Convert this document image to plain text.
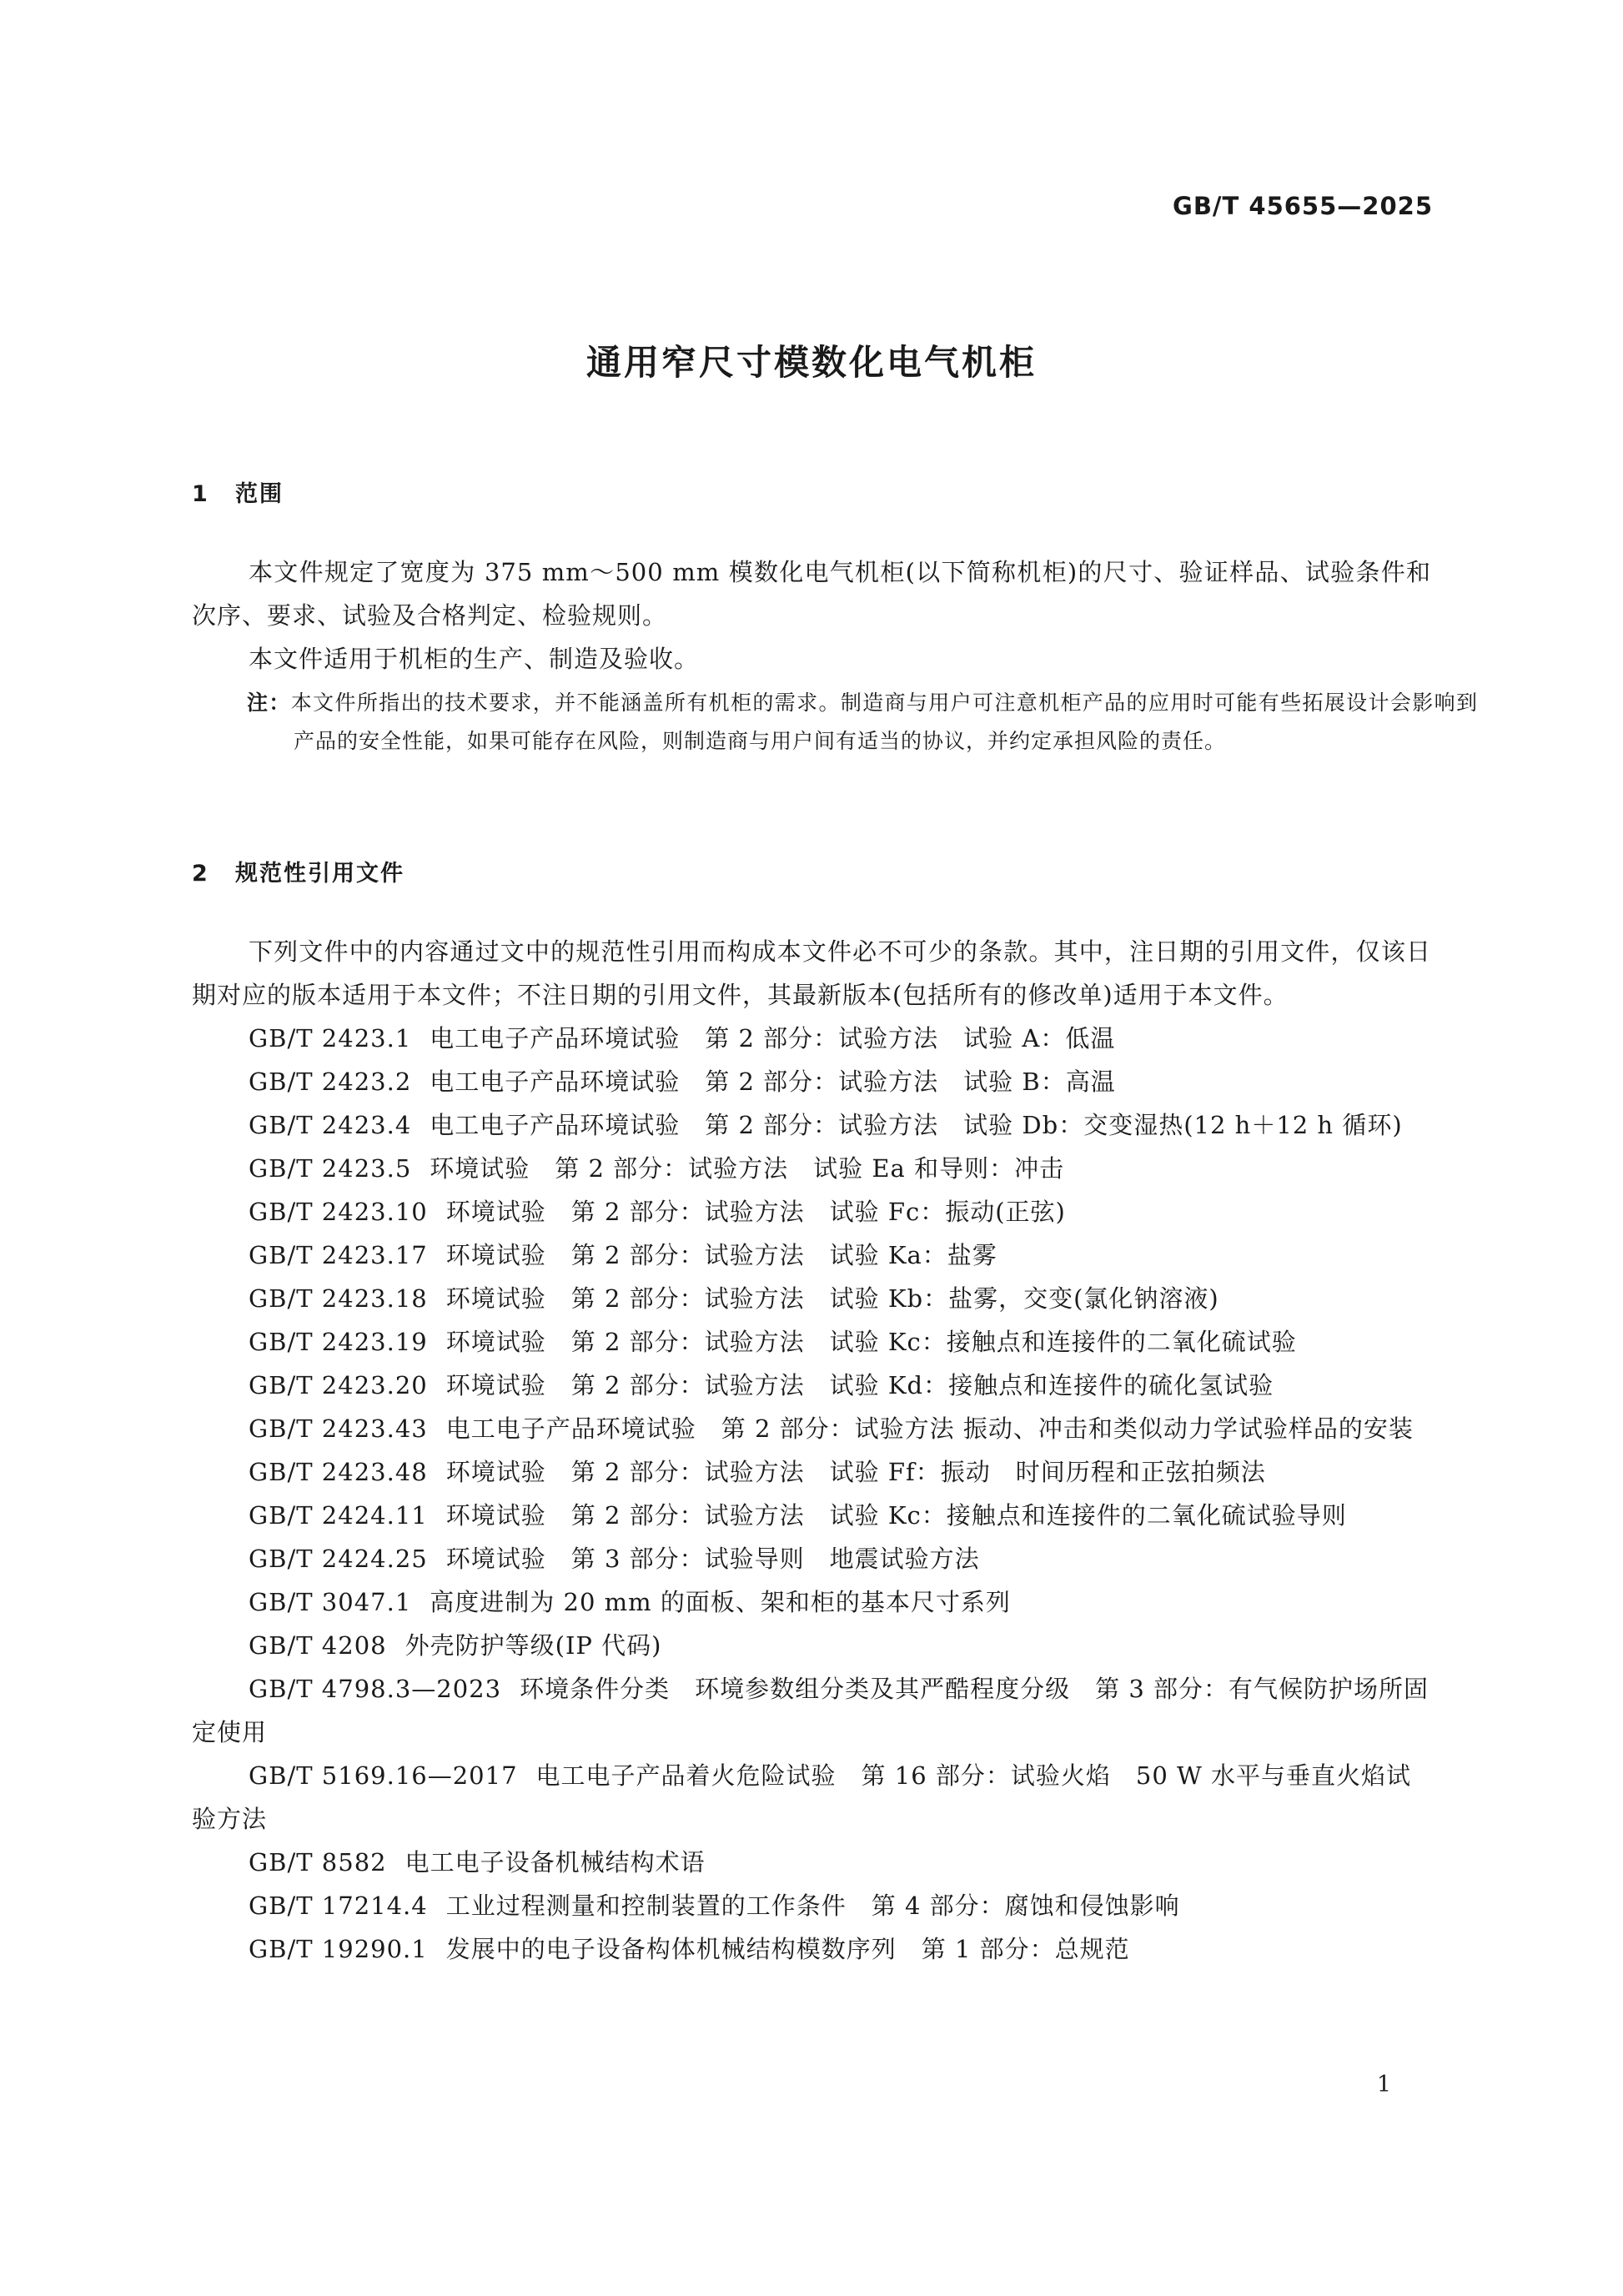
GB/T 45655—2025
通用窄尺寸模数化电气机柜
1 范围

本文件规定了宽度为 375 mm～500 mm 模数化电气机柜(以下简称机柜)的尺寸、验证样品、试验条件和次序、要求、试验及合格判定、检验规则。

本文件适用于机柜的生产、制造及验收。

注：本文件所指出的技术要求，并不能涵盖所有机柜的需求。制造商与用户可注意机柜产品的应用时可能有些拓展设计会影响到产品的安全性能，如果可能存在风险，则制造商与用户间有适当的协议，并约定承担风险的责任。
2 规范性引用文件

下列文件中的内容通过文中的规范性引用而构成本文件必不可少的条款。其中，注日期的引用文件，仅该日期对应的版本适用于本文件；不注日期的引用文件，其最新版本(包括所有的修改单)适用于本文件。

GB/T 2423.1 电工电子产品环境试验　第 2 部分：试验方法　试验 A：低温

GB/T 2423.2 电工电子产品环境试验　第 2 部分：试验方法　试验 B：高温

GB/T 2423.4 电工电子产品环境试验　第 2 部分：试验方法　试验 Db：交变湿热(12 h＋12 h 循环)

GB/T 2423.5 环境试验　第 2 部分：试验方法　试验 Ea 和导则：冲击

GB/T 2423.10 环境试验　第 2 部分：试验方法　试验 Fc：振动(正弦)

GB/T 2423.17 环境试验　第 2 部分：试验方法　试验 Ka：盐雾

GB/T 2423.18 环境试验　第 2 部分：试验方法　试验 Kb：盐雾，交变(氯化钠溶液)

GB/T 2423.19 环境试验　第 2 部分：试验方法　试验 Kc：接触点和连接件的二氧化硫试验

GB/T 2423.20 环境试验　第 2 部分：试验方法　试验 Kd：接触点和连接件的硫化氢试验

GB/T 2423.43 电工电子产品环境试验　第 2 部分：试验方法 振动、冲击和类似动力学试验样品的安装

GB/T 2423.48 环境试验　第 2 部分：试验方法　试验 Ff：振动　时间历程和正弦拍频法

GB/T 2424.11 环境试验　第 2 部分：试验方法　试验 Kc：接触点和连接件的二氧化硫试验导则

GB/T 2424.25 环境试验　第 3 部分：试验导则　地震试验方法

GB/T 3047.1 高度进制为 20 mm 的面板、架和柜的基本尺寸系列

GB/T 4208 外壳防护等级(IP 代码)

GB/T 4798.3—2023 环境条件分类　环境参数组分类及其严酷程度分级　第 3 部分：有气候防护场所固定使用

GB/T 5169.16—2017 电工电子产品着火危险试验　第 16 部分：试验火焰　50 W 水平与垂直火焰试验方法

GB/T 8582 电工电子设备机械结构术语

GB/T 17214.4 工业过程测量和控制装置的工作条件　第 4 部分：腐蚀和侵蚀影响

GB/T 19290.1 发展中的电子设备构体机械结构模数序列　第 1 部分：总规范

1
